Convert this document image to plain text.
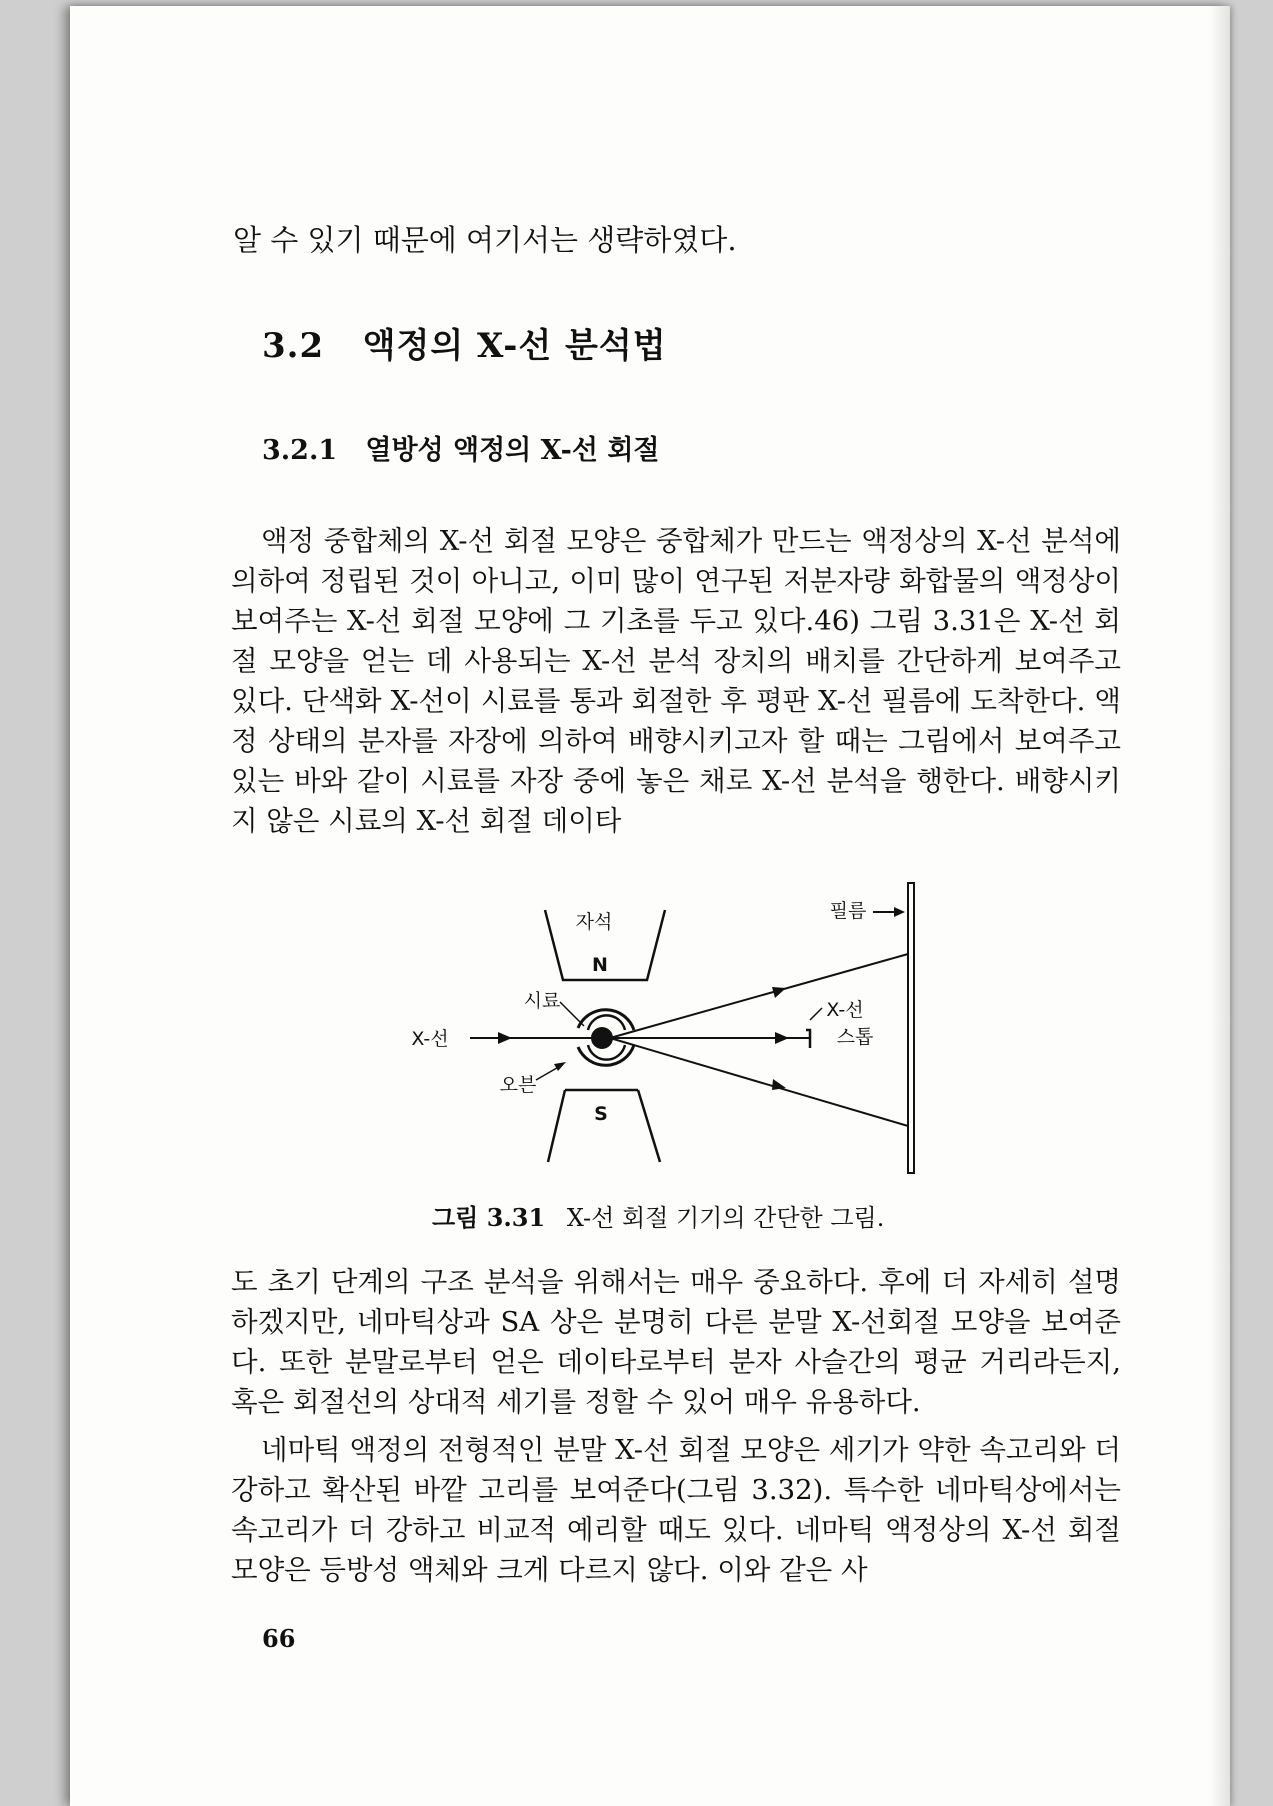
알 수 있기 때문에 여기서는 생략하였다.
3.2 액정의 X-선 분석법
3.2.1 열방성 액정의 X-선 회절

액정 중합체의 X-선 회절 모양은 중합체가 만드는 액정상의 X-선 분석에 의하여 정립된 것이 아니고, 이미 많이 연구된 저분자량 화합물의 액정상이 보여주는 X-선 회절 모양에 그 기초를 두고 있다.46) 그림 3.31은 X-선 회절 모양을 얻는 데 사용되는 X-선 분석 장치의 배치를 간단하게 보여주고 있다. 단색화 X-선이 시료를 통과 회절한 후 평판 X-선 필름에 도착한다. 액정 상태의 분자를 자장에 의하여 배향시키고자 할 때는 그림에서 보여주고 있는 바와 같이 시료를 자장 중에 놓은 채로 X-선 분석을 행한다. 배향시키지 않은 시료의 X-선 회절 데이타

자석
N
S
X-선
X-선
스톱
필름
시료
오븐
그림 3.31 X-선 회절 기기의 간단한 그림.

도 초기 단계의 구조 분석을 위해서는 매우 중요하다. 후에 더 자세히 설명하겠지만, 네마틱상과 SA 상은 분명히 다른 분말 X-선회절 모양을 보여준다. 또한 분말로부터 얻은 데이타로부터 분자 사슬간의 평균 거리라든지, 혹은 회절선의 상대적 세기를 정할 수 있어 매우 유용하다.

네마틱 액정의 전형적인 분말 X-선 회절 모양은 세기가 약한 속고리와 더 강하고 확산된 바깥 고리를 보여준다(그림 3.32). 특수한 네마틱상에서는 속고리가 더 강하고 비교적 예리할 때도 있다. 네마틱 액정상의 X-선 회절 모양은 등방성 액체와 크게 다르지 않다. 이와 같은 사

66
